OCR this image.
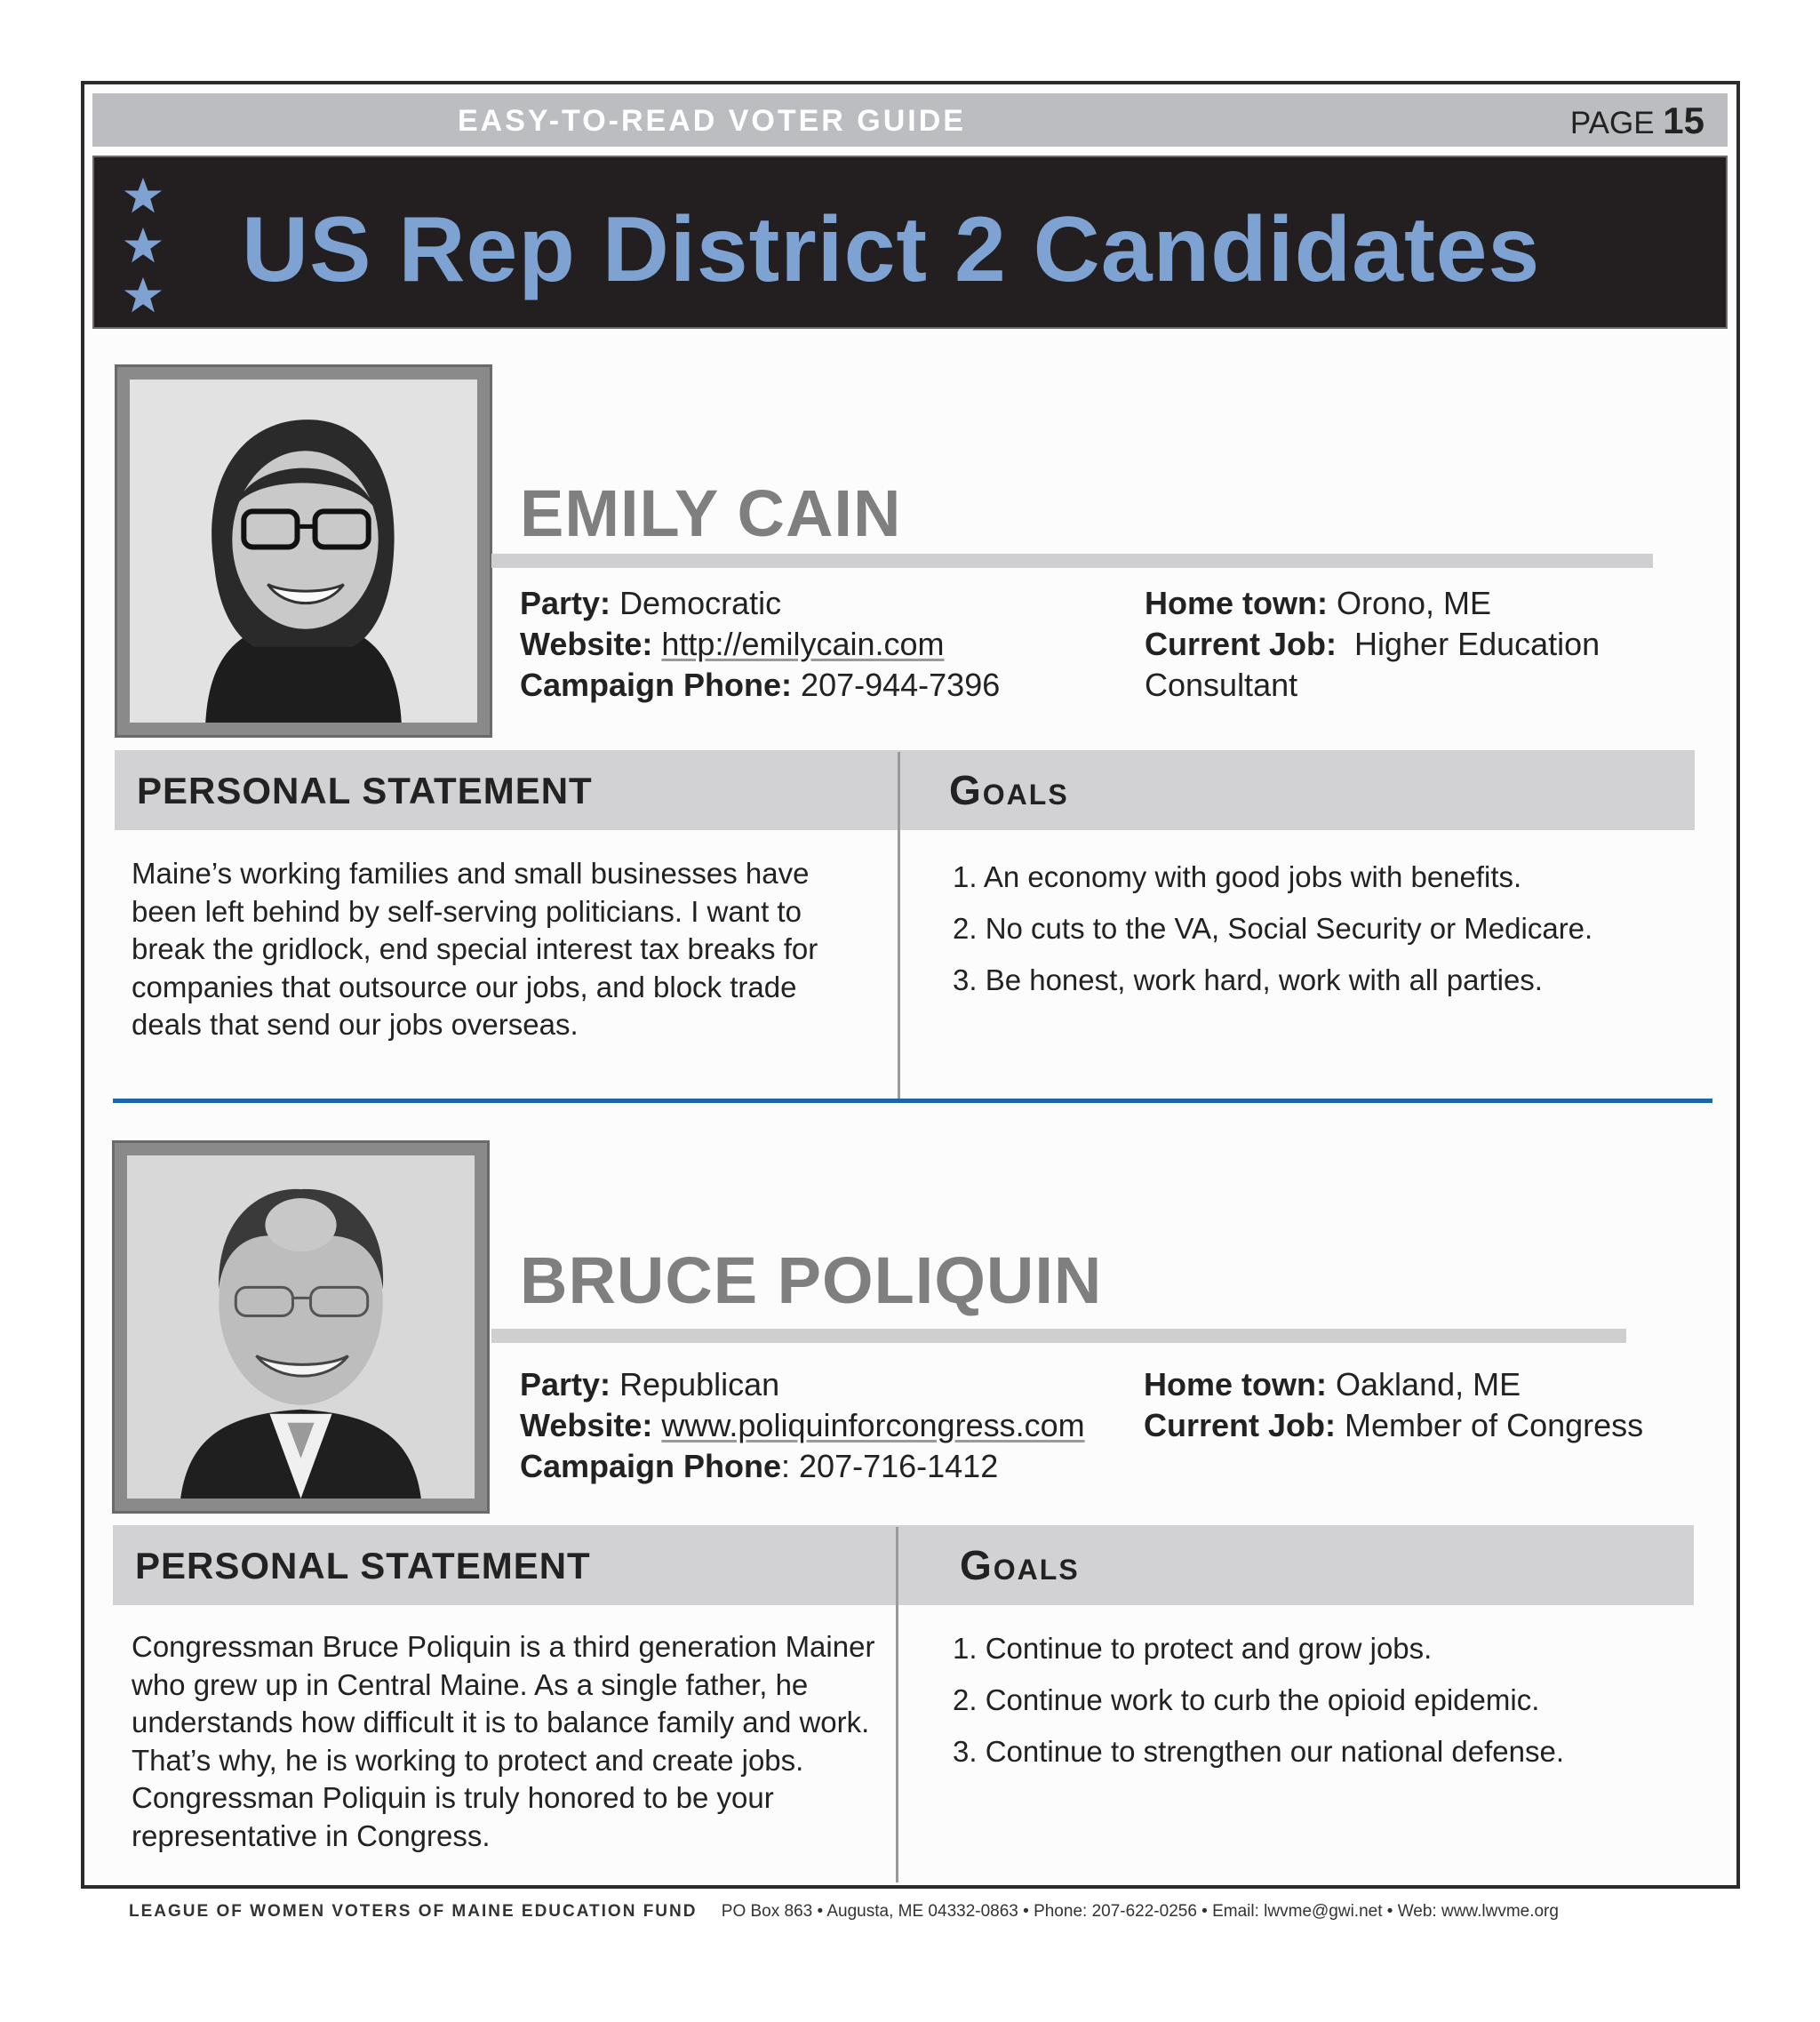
EASY-TO-READ VOTER GUIDE	PAGE 15
US Rep District 2 Candidates
EMILY CAIN
Party: Democratic
Website: http://emilycain.com
Campaign Phone: 207-944-7396
Home town: Orono, ME
Current Job: Higher Education Consultant
PERSONAL STATEMENT	Goals
Maine’s working families and small businesses have been left behind by self-serving politicians. I want to break the gridlock, end special interest tax breaks for companies that outsource our jobs, and block trade deals that send our jobs overseas.
1. An economy with good jobs with benefits.
2. No cuts to the VA, Social Security or Medicare.
3. Be honest, work hard, work with all parties.
BRUCE POLIQUIN
Party: Republican
Website: www.poliquinforcongress.com
Campaign Phone: 207-716-1412
Home town: Oakland, ME
Current Job: Member of Congress
PERSONAL STATEMENT	Goals
Congressman Bruce Poliquin is a third generation Mainer who grew up in Central Maine. As a single father, he understands how difficult it is to balance family and work. That’s why, he is working to protect and create jobs. Congressman Poliquin is truly honored to be your representative in Congress.
1. Continue to protect and grow jobs.
2. Continue work to curb the opioid epidemic.
3. Continue to strengthen our national defense.
LEAGUE OF WOMEN VOTERS OF MAINE EDUCATION FUND PO Box 863 • Augusta, ME 04332-0863 • Phone: 207-622-0256 • Email: lwvme@gwi.net • Web: www.lwvme.org
